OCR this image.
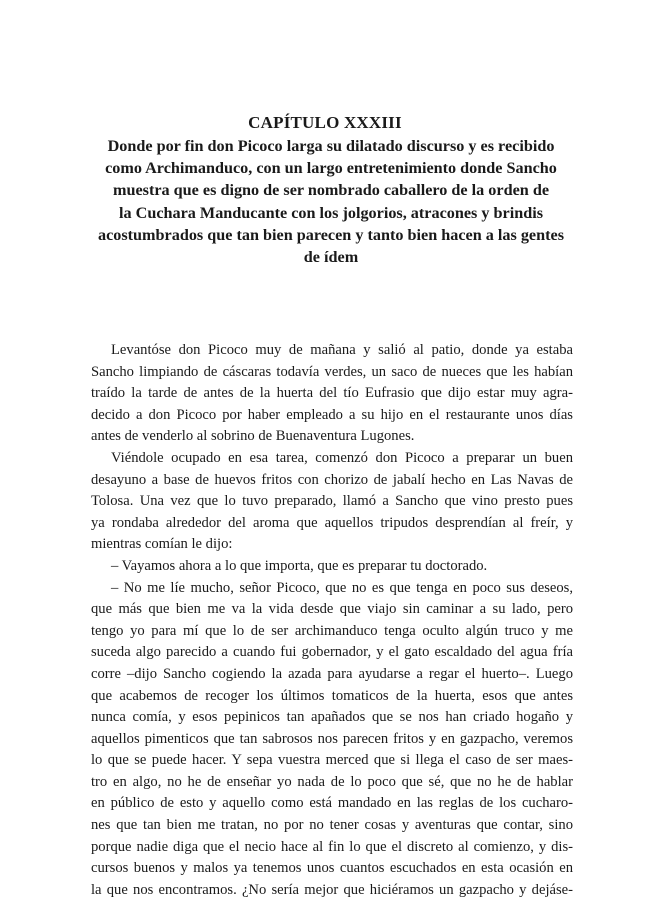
CAPÍTULO XXXIII
Donde por fin don Picoco larga su dilatado discurso y es recibido
como Archimanduco, con un largo entretenimiento donde Sancho
muestra que es digno de ser nombrado caballero de la orden de
la Cuchara Manducante con los jolgorios, atracones y brindis
acostumbrados que tan bien parecen y tanto bien hacen a las gentes
de ídem
Levantóse don Picoco muy de mañana y salió al patio, donde ya estaba
Sancho limpiando de cáscaras todavía verdes, un saco de nueces que les habían
traído la tarde de antes de la huerta del tío Eufrasio que dijo estar muy agra-
decido a don Picoco por haber empleado a su hijo en el restaurante unos días
antes de venderlo al sobrino de Buenaventura Lugones.
Viéndole ocupado en esa tarea, comenzó don Picoco a preparar un buen
desayuno a base de huevos fritos con chorizo de jabalí hecho en Las Navas de
Tolosa. Una vez que lo tuvo preparado, llamó a Sancho que vino presto pues
ya rondaba alrededor del aroma que aquellos tripudos desprendían al freír, y
mientras comían le dijo:
– Vayamos ahora a lo que importa, que es preparar tu doctorado.
– No me líe mucho, señor Picoco, que no es que tenga en poco sus deseos,
que más que bien me va la vida desde que viajo sin caminar a su lado, pero
tengo yo para mí que lo de ser archimanduco tenga oculto algún truco y me
suceda algo parecido a cuando fui gobernador, y el gato escaldado del agua fría
corre –dijo Sancho cogiendo la azada para ayudarse a regar el huerto–. Luego
que acabemos de recoger los últimos tomaticos de la huerta, esos que antes
nunca comía, y esos pepinicos tan apañados que se nos han criado hogaño y
aquellos pimenticos que tan sabrosos nos parecen fritos y en gazpacho, veremos
lo que se puede hacer. Y sepa vuestra merced que si llega el caso de ser maes-
tro en algo, no he de enseñar yo nada de lo poco que sé, que no he de hablar
en público de esto y aquello como está mandado en las reglas de los cucharo-
nes que tan bien me tratan, no por no tener cosas y aventuras que contar, sino
porque nadie diga que el necio hace al fin lo que el discreto al comienzo, y dis-
cursos buenos y malos ya tenemos unos cuantos escuchados en esta ocasión en
la que nos encontramos. ¿No sería mejor que hiciéramos un gazpacho y dejáse-
